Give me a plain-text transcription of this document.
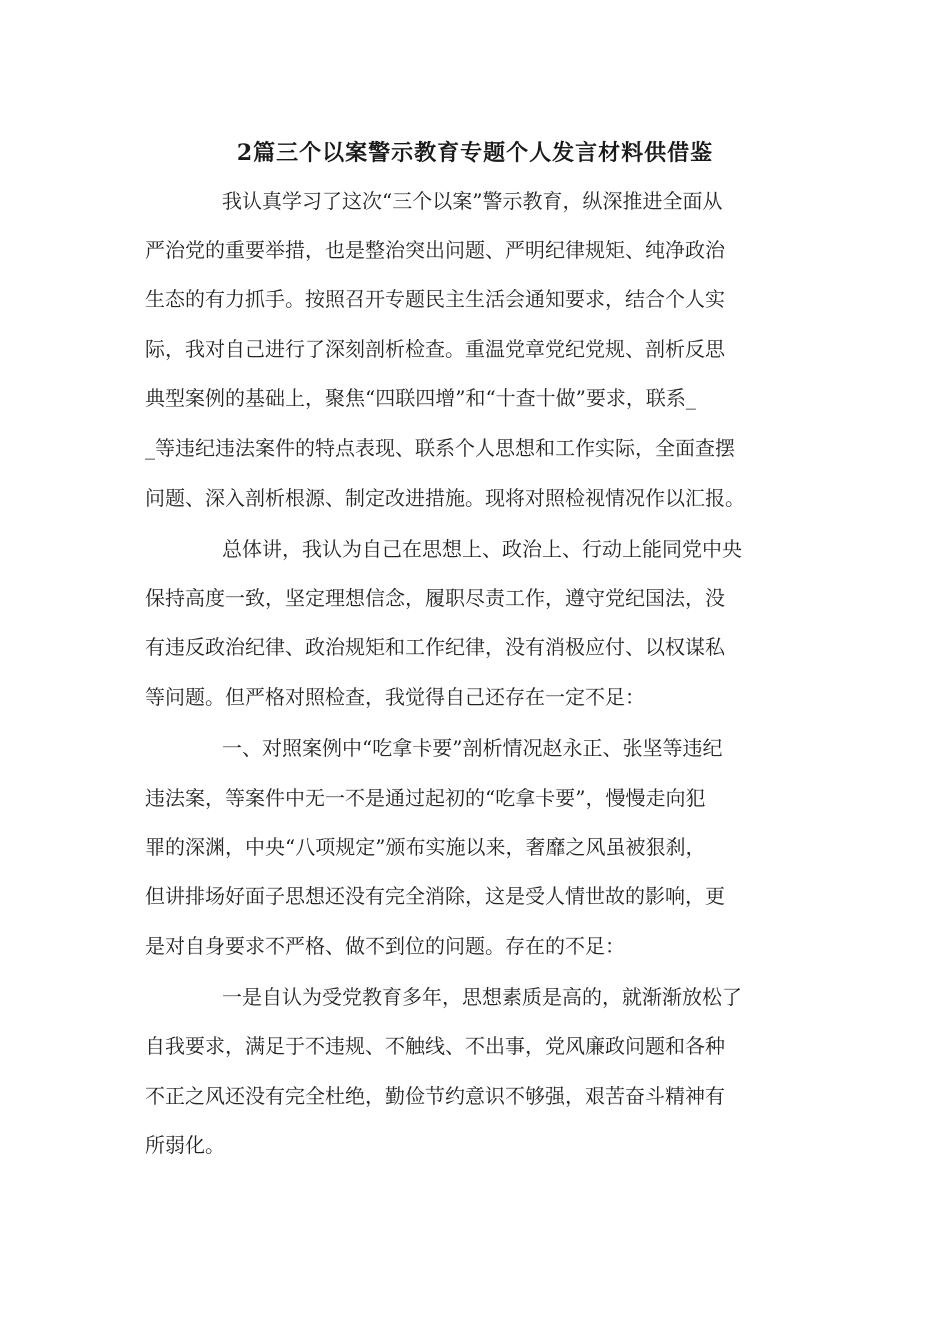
2篇三个以案警示教育专题个人发言材料供借鉴
我认真学习了这次“三个以案”警示教育，纵深推进全面从
严治党的重要举措，也是整治突出问题、严明纪律规矩、纯净政治
生态的有力抓手。按照召开专题民主生活会通知要求，结合个人实
际，我对自己进行了深刻剖析检查。重温党章党纪党规、剖析反思
典型案例的基础上，聚焦“四联四增”和“十查十做”要求，联系_
_等违纪违法案件的特点表现、联系个人思想和工作实际，全面查摆
问题、深入剖析根源、制定改进措施。现将对照检视情况作以汇报。
总体讲，我认为自己在思想上、政治上、行动上能同党中央
保持高度一致，坚定理想信念，履职尽责工作，遵守党纪国法，没
有违反政治纪律、政治规矩和工作纪律，没有消极应付、以权谋私
等问题。但严格对照检查，我觉得自己还存在一定不足：
一、对照案例中“吃拿卡要”剖析情况赵永正、张坚等违纪
违法案，等案件中无一不是通过起初的“吃拿卡要”，慢慢走向犯
罪的深渊，中央“八项规定”颁布实施以来，奢靡之风虽被狠刹，
但讲排场好面子思想还没有完全消除，这是受人情世故的影响，更
是对自身要求不严格、做不到位的问题。存在的不足：
一是自认为受党教育多年，思想素质是高的，就渐渐放松了
自我要求，满足于不违规、不触线、不出事，党风廉政问题和各种
不正之风还没有完全杜绝，勤俭节约意识不够强，艰苦奋斗精神有
所弱化。
